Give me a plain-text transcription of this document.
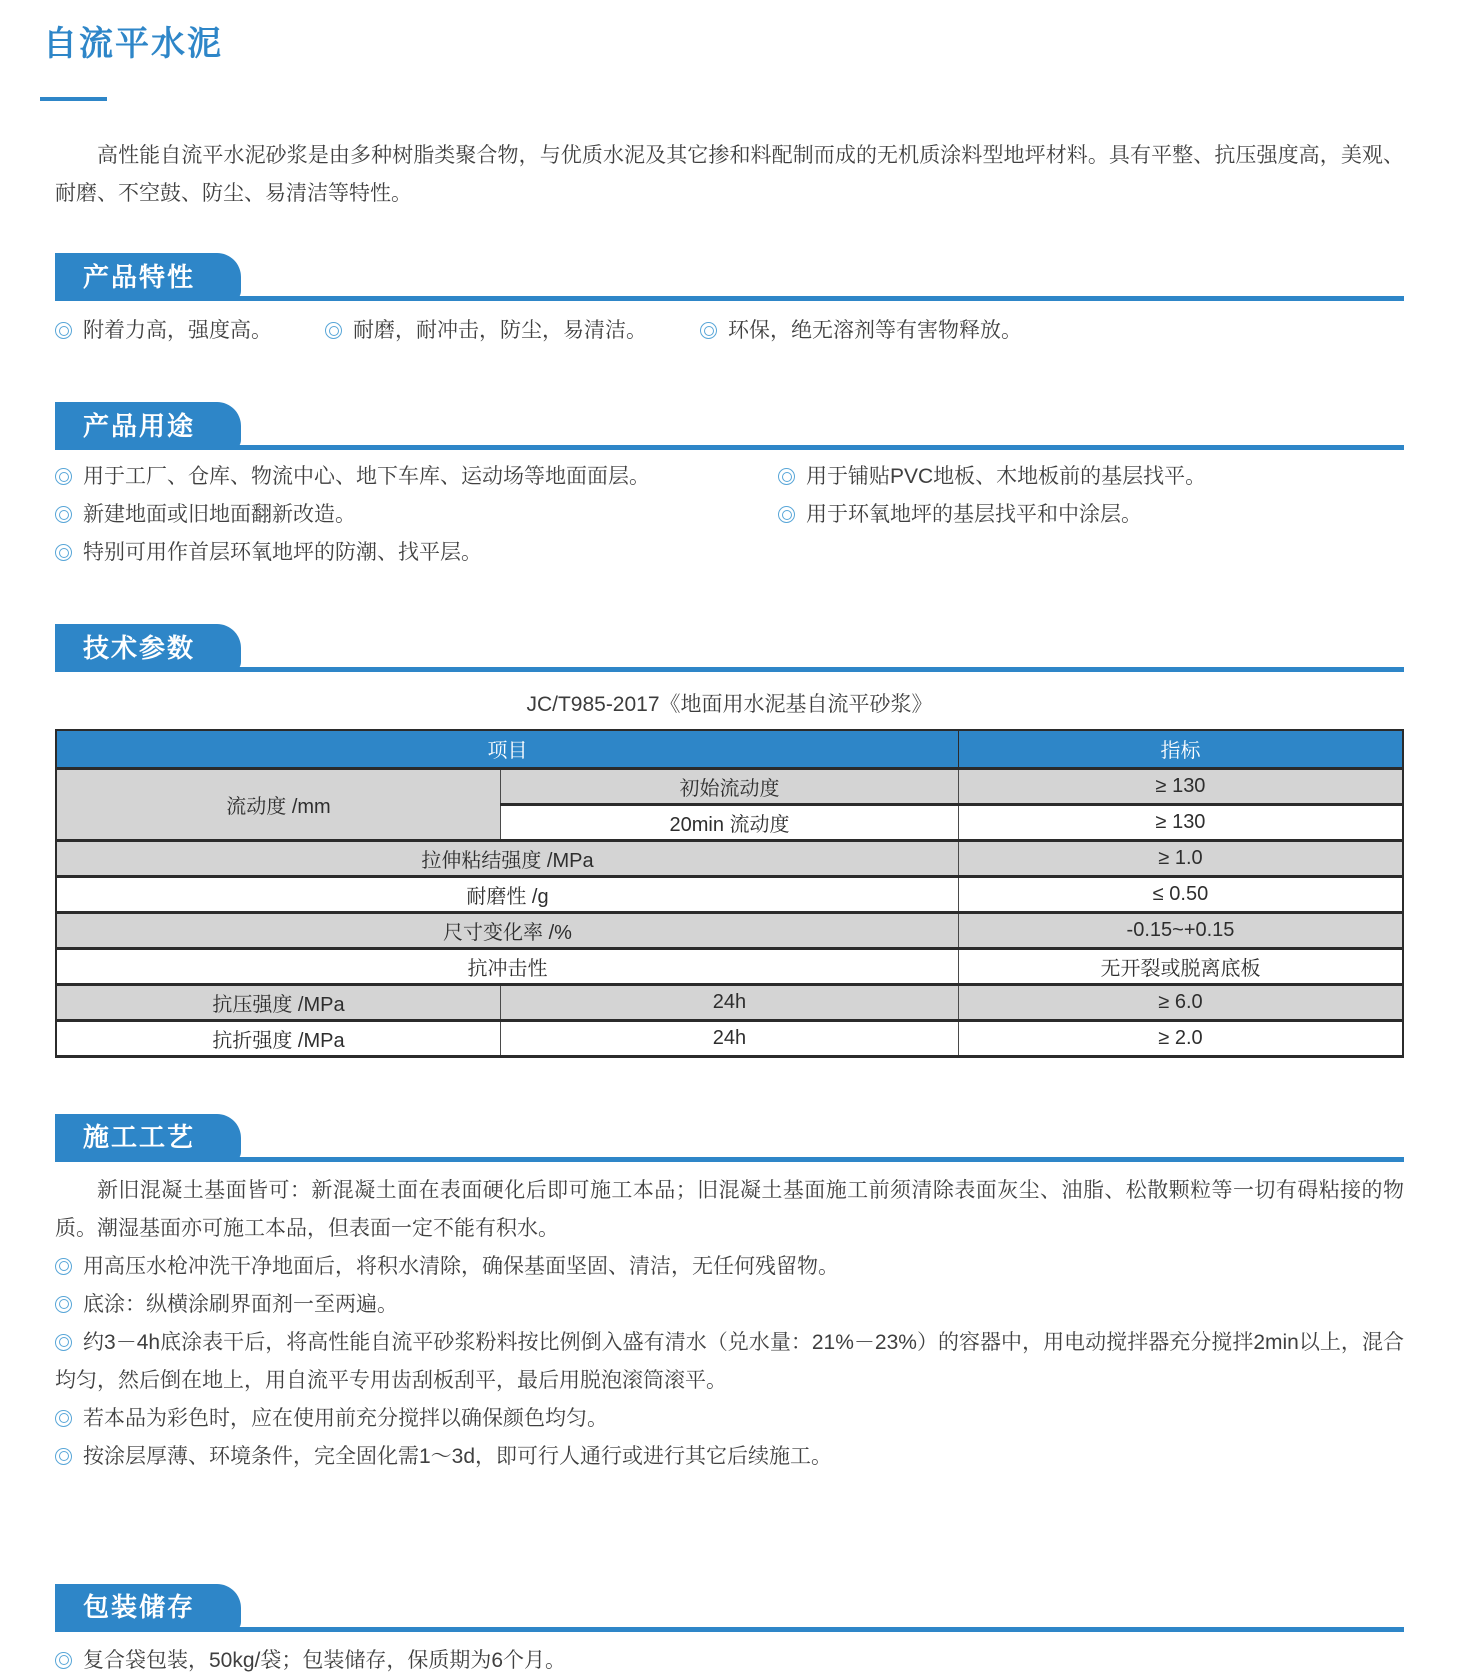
自流平水泥

高性能自流平水泥砂浆是由多种树脂类聚合物，与优质水泥及其它掺和料配制而成的无机质涂料型地坪材料。具有平整、抗压强度高，美观、耐磨、不空鼓、防尘、易清洁等特性。

产品特性

附着力高，强度高。	耐磨，耐冲击，防尘，易清洁。	环保，绝无溶剂等有害物释放。

产品用途

用于工厂、仓库、物流中心、地下车库、运动场等地面面层。

新建地面或旧地面翻新改造。

特别可用作首层环氧地坪的防潮、找平层。

用于铺贴PVC地板、木地板前的基层找平。

用于环氧地坪的基层找平和中涂层。

技术参数
JC/T985-2017《地面用水泥基自流平砂浆》
项目		指标
流动度 /mm	初始流动度	≥ 130
	20min 流动度	≥ 130
拉伸粘结强度 /MPa		≥ 1.0
耐磨性 /g		≤ 0.50
尺寸变化率 /%		-0.15~+0.15
抗冲击性		无开裂或脱离底板
抗压强度 /MPa	24h	≥ 6.0
抗折强度 /MPa	24h	≥ 2.0
施工工艺

新旧混凝土基面皆可：新混凝土面在表面硬化后即可施工本品；旧混凝土基面施工前须清除表面灰尘、油脂、松散颗粒等一切有碍粘接的物质。潮湿基面亦可施工本品，但表面一定不能有积水。

用高压水枪冲洗干净地面后，将积水清除，确保基面坚固、清洁，无任何残留物。

底涂：纵横涂刷界面剂一至两遍。

约3－4h底涂表干后，将高性能自流平砂浆粉料按比例倒入盛有清水（兑水量：21%－23%）的容器中，用电动搅拌器充分搅拌2min以上，混合均匀，然后倒在地上，用自流平专用齿刮板刮平，最后用脱泡滚筒滚平。

若本品为彩色时，应在使用前充分搅拌以确保颜色均匀。

按涂层厚薄、环境条件，完全固化需1～3d，即可行人通行或进行其它后续施工。

包装储存

复合袋包装，50kg/袋；包装储存，保质期为6个月。
